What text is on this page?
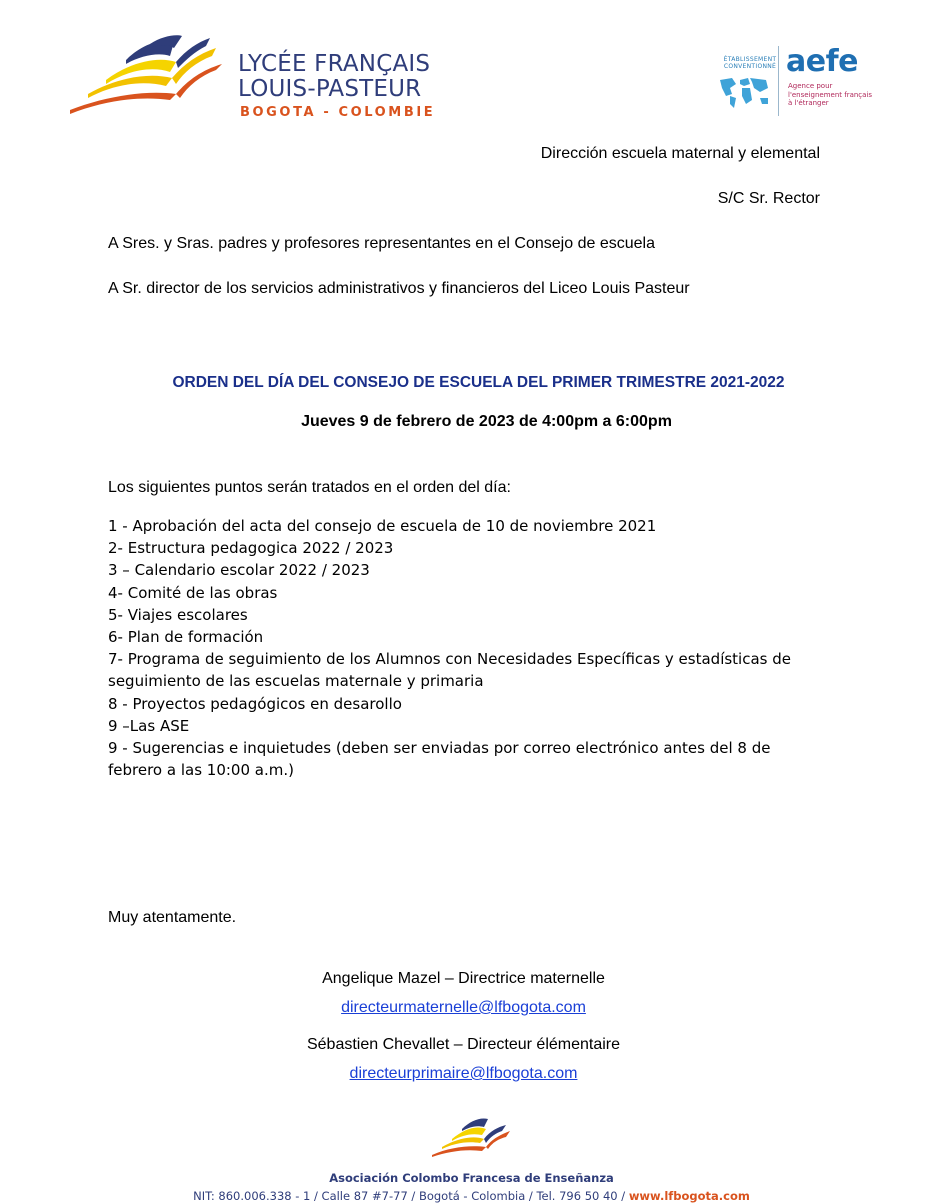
LYCÉE FRANÇAIS
LOUIS-PASTEUR
BOGOTA - COLOMBIE
ÉTABLISSEMENT
CONVENTIONNÉ aefe
Agence pour
l'enseignement français
à l'étranger
Dirección escuela maternal y elemental
S/C Sr. Rector
A Sres. y Sras. padres y profesores representantes en el Consejo de escuela
A Sr. director de los servicios administrativos y financieros del Liceo Louis Pasteur
ORDEN DEL DÍA DEL CONSEJO DE ESCUELA DEL PRIMER TRIMESTRE 2021-2022
Jueves 9 de febrero de 2023 de 4:00pm a 6:00pm
Los siguientes puntos serán tratados en el orden del día:
1 - Aprobación del acta del consejo de escuela de 10 de noviembre 2021
2- Estructura pedagogica 2022 / 2023
3 – Calendario escolar 2022 / 2023
4- Comité de las obras
5- Viajes escolares
6- Plan de formación
7- Programa de seguimiento de los Alumnos con Necesidades Específicas y estadísticas de seguimiento de las escuelas maternale y primaria
8 - Proyectos pedagógicos en desarollo
9 –Las ASE
9 - Sugerencias e inquietudes (deben ser enviadas por correo electrónico antes del 8 de febrero a las 10:00 a.m.)
Muy atentamente.
Angelique Mazel – Directrice maternelle
directeurmaternelle@lfbogota.com
Sébastien Chevallet – Directeur élémentaire
directeurprimaire@lfbogota.com
Asociación Colombo Francesa de Enseñanza
NIT: 860.006.338 - 1 / Calle 87 #7-77 / Bogotá - Colombia / Tel. 796 50 40 / www.lfbogota.com
